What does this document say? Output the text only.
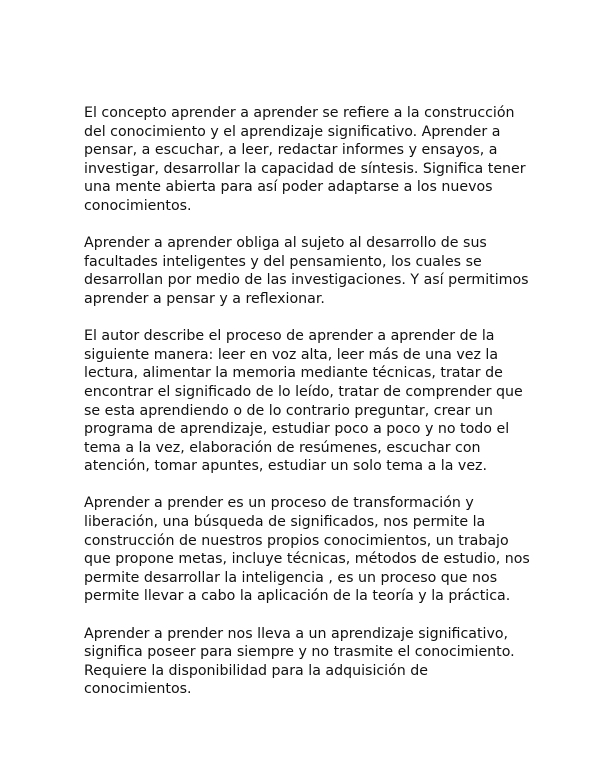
El concepto aprender a aprender se refiere a la construcción
del conocimiento y el aprendizaje significativo. Aprender a
pensar, a escuchar, a leer, redactar informes y ensayos, a
investigar, desarrollar la capacidad de síntesis. Significa tener
una mente abierta para así poder adaptarse a los nuevos
conocimientos.

Aprender a aprender obliga al sujeto al desarrollo de sus
facultades inteligentes y del pensamiento, los cuales se
desarrollan por medio de las investigaciones. Y así permitimos
aprender a pensar y a reflexionar.

El autor describe el proceso de aprender a aprender de la
siguiente manera: leer en voz alta, leer más de una vez la
lectura, alimentar la memoria mediante técnicas, tratar de
encontrar el significado de lo leído, tratar de comprender que
se esta aprendiendo o de lo contrario preguntar, crear un
programa de aprendizaje, estudiar poco a poco y no todo el
tema a la vez, elaboración de resúmenes, escuchar con
atención, tomar apuntes, estudiar un solo tema a la vez.

Aprender a prender es un proceso de transformación y
liberación, una búsqueda de significados, nos permite la
construcción de nuestros propios conocimientos, un trabajo
que propone metas, incluye técnicas, métodos de estudio, nos
permite desarrollar la inteligencia , es un proceso que nos
permite llevar a cabo la aplicación de la teoría y la práctica.

Aprender a prender nos lleva a un aprendizaje significativo,
significa poseer para siempre y no trasmite el conocimiento.
Requiere la disponibilidad para la adquisición de
conocimientos.
